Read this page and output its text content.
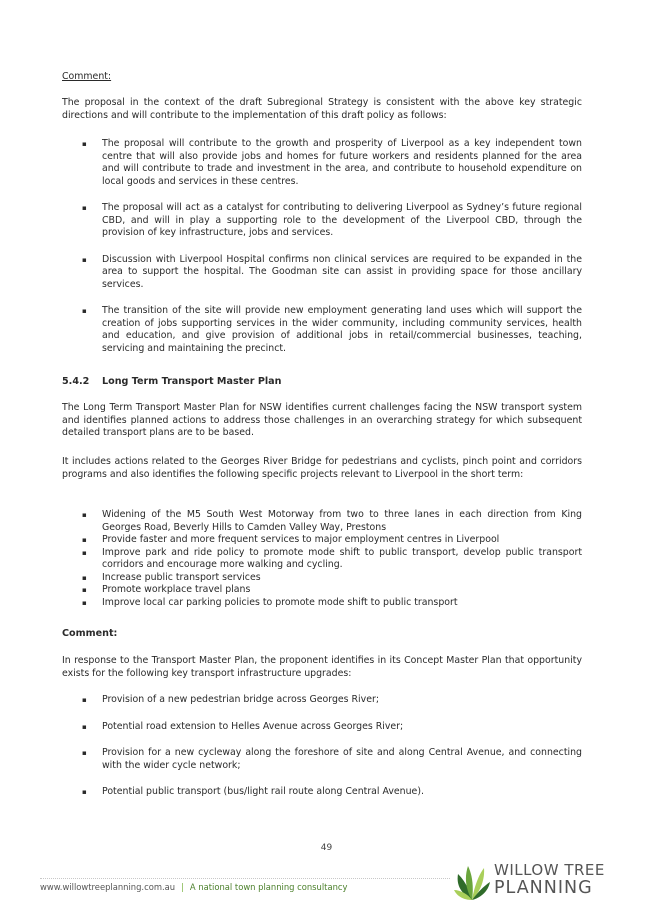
Comment:

The proposal in the context of the draft Subregional Strategy is consistent with the above key strategic directions and will contribute to the implementation of this draft policy as follows:

▪ The proposal will contribute to the growth and prosperity of Liverpool as a key independent town centre that will also provide jobs and homes for future workers and residents planned for the area and will contribute to trade and investment in the area, and contribute to household expenditure on local goods and services in these centres.
▪ The proposal will act as a catalyst for contributing to delivering Liverpool as Sydney’s future regional CBD, and will in play a supporting role to the development of the Liverpool CBD, through the provision of key infrastructure, jobs and services.
▪ Discussion with Liverpool Hospital confirms non clinical services are required to be expanded in the area to support the hospital. The Goodman site can assist in providing space for those ancillary services.
▪ The transition of the site will provide new employment generating land uses which will support the creation of jobs supporting services in the wider community, including community services, health and education, and give provision of additional jobs in retail/commercial businesses, teaching, servicing and maintaining the precinct.

5.4.2 Long Term Transport Master Plan

The Long Term Transport Master Plan for NSW identifies current challenges facing the NSW transport system and identifies planned actions to address those challenges in an overarching strategy for which subsequent detailed transport plans are to be based.

It includes actions related to the Georges River Bridge for pedestrians and cyclists, pinch point and corridors programs and also identifies the following specific projects relevant to Liverpool in the short term:

▪ Widening of the M5 South West Motorway from two to three lanes in each direction from King Georges Road, Beverly Hills to Camden Valley Way, Prestons
▪ Provide faster and more frequent services to major employment centres in Liverpool
▪ Improve park and ride policy to promote mode shift to public transport, develop public transport corridors and encourage more walking and cycling.
▪ Increase public transport services
▪ Promote workplace travel plans
▪ Improve local car parking policies to promote mode shift to public transport

Comment:

In response to the Transport Master Plan, the proponent identifies in its Concept Master Plan that opportunity exists for the following key transport infrastructure upgrades:

▪ Provision of a new pedestrian bridge across Georges River;
▪ Potential road extension to Helles Avenue across Georges River;
▪ Provision for a new cycleway along the foreshore of site and along Central Avenue, and connecting with the wider cycle network;
▪ Potential public transport (bus/light rail route along Central Avenue).
49
www.willowtreeplanning.com.au | A national town planning consultancy
WILLOW TREE
PLANNING
